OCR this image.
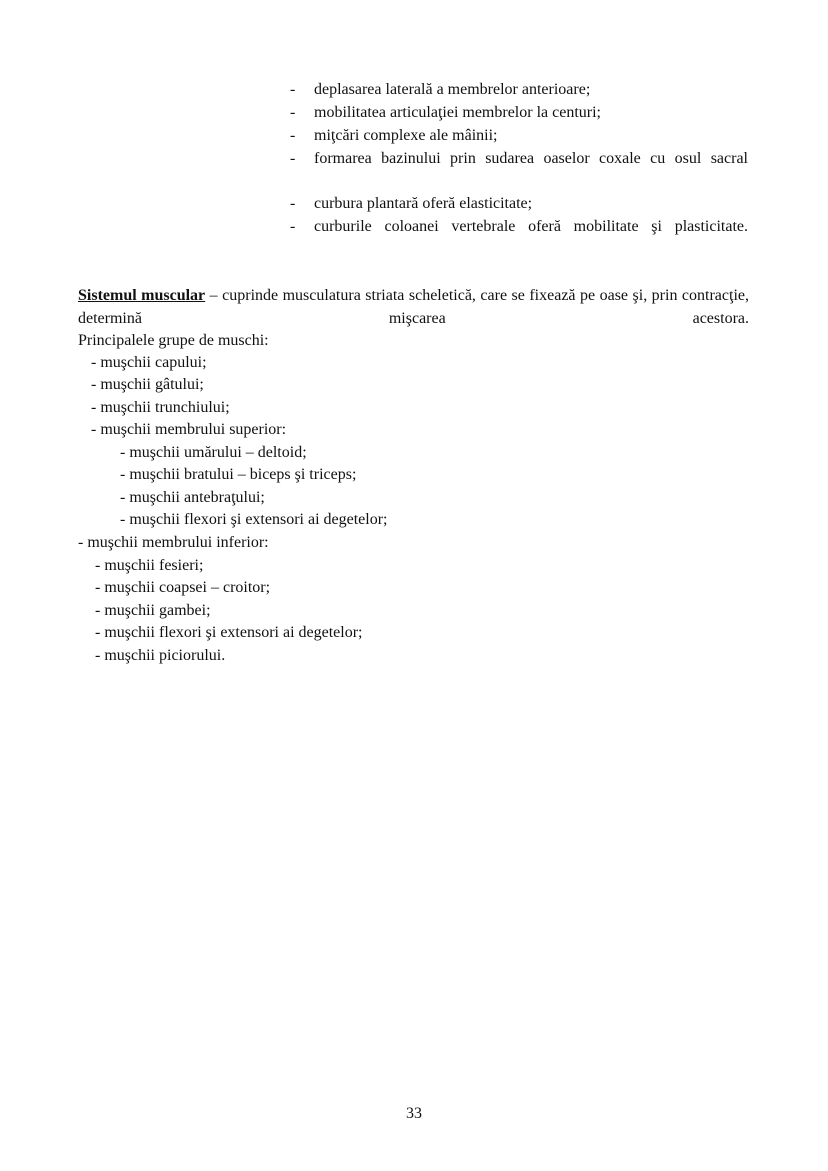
-	deplasarea laterală a membrelor anterioare;
-	mobilitatea articulaţiei membrelor la centuri;
-	miţcări complexe ale mâinii;
-	formarea bazinului prin sudarea oaselor coxale cu osul sacral
-	curbura plantară oferă elasticitate;
-	curburile coloanei vertebrale oferă mobilitate şi plasticitate.
Sistemul muscular – cuprinde musculatura striata scheletică, care se fixează pe oase şi, prin contracţie, determină mişcarea acestora.
Principalele grupe de muschi:
- muşchii capului;
- muşchii gâtului;
- muşchii trunchiului;
- muşchii membrului superior:
- muşchii umărului – deltoid;
- muşchii bratului – biceps şi triceps;
- muşchii antebraţului;
- muşchii flexori şi extensori ai degetelor;
- muşchii membrului inferior:
- muşchii fesieri;
- muşchii coapsei – croitor;
- muşchii gambei;
- muşchii flexori şi extensori ai degetelor;
- muşchii piciorului.
33
